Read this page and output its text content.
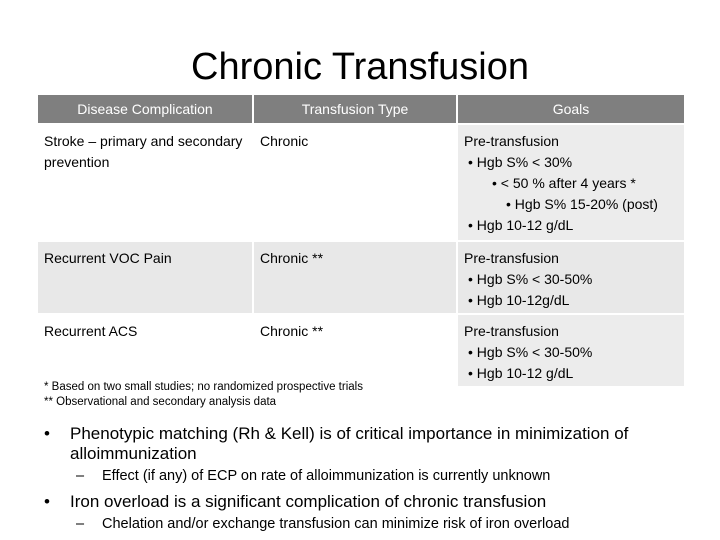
Chronic Transfusion
Disease Complication	Transfusion Type	Goals
Stroke – primary and secondary prevention	Chronic	Pre-transfusion
• Hgb S% < 30%
• < 50 % after 4 years *
• Hgb S% 15-20% (post)
• Hgb 10-12 g/dL

Recurrent VOC Pain	Chronic **	Pre-transfusion
• Hgb S% < 30-50%
• Hgb 10-12g/dL

Recurrent ACS	Chronic **	Pre-transfusion
• Hgb S% < 30-50%
• Hgb 10-12 g/dL
* Based on two small studies; no randomized prospective trials
** Observational and secondary analysis data
• Phenotypic matching (Rh & Kell) is of critical importance in minimization of alloimmunization
– Effect (if any) of ECP on rate of alloimmunization is currently unknown
• Iron overload is a significant complication of chronic transfusion
– Chelation and/or exchange transfusion can minimize risk of iron overload
